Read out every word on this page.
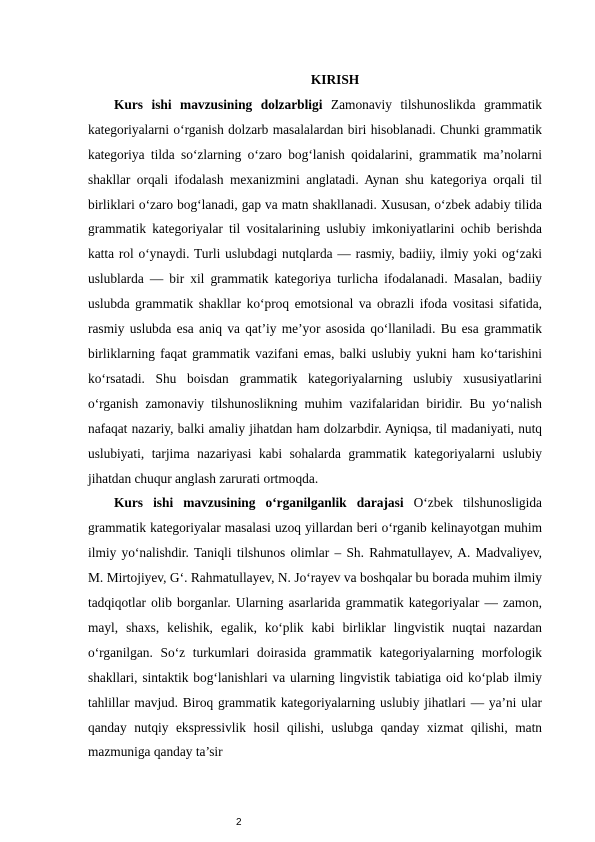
KIRISH

Kurs ishi mavzusining dolzarbligi Zamonaviy tilshunoslikda grammatik kategoriyalarni o‘rganish dolzarb masalalardan biri hisoblanadi. Chunki grammatik kategoriya tilda so‘zlarning o‘zaro bog‘lanish qoidalarini, grammatik ma’nolarni shakllar orqali ifodalash mexanizmini anglatadi. Aynan shu kategoriya orqali til birliklari o‘zaro bog‘lanadi, gap va matn shakllanadi. Xususan, o‘zbek adabiy tilida grammatik kategoriyalar til vositalarining uslubiy imkoniyatlarini ochib berishda katta rol o‘ynaydi. Turli uslubdagi nutqlarda — rasmiy, badiiy, ilmiy yoki og‘zaki uslublarda — bir xil grammatik kategoriya turlicha ifodalanadi. Masalan, badiiy uslubda grammatik shakllar ko‘proq emotsional va obrazli ifoda vositasi sifatida, rasmiy uslubda esa aniq va qat’iy me’yor asosida qo‘llaniladi. Bu esa grammatik birliklarning faqat grammatik vazifani emas, balki uslubiy yukni ham ko‘tarishini ko‘rsatadi. Shu boisdan grammatik kategoriyalarning uslubiy xususiyatlarini o‘rganish zamonaviy tilshunoslikning muhim vazifalaridan biridir. Bu yo‘nalish nafaqat nazariy, balki amaliy jihatdan ham dolzarbdir. Ayniqsa, til madaniyati, nutq uslubiyati, tarjima nazariyasi kabi sohalarda grammatik kategoriyalarni uslubiy jihatdan chuqur anglash zarurati ortmoqda.

Kurs ishi mavzusining o‘rganilganlik darajasi O‘zbek tilshunosligida grammatik kategoriyalar masalasi uzoq yillardan beri o‘rganib kelinayotgan muhim ilmiy yo‘nalishdir. Taniqli tilshunos olimlar – Sh. Rahmatullayev, A. Madvaliyev, M. Mirtojiyev, G‘. Rahmatullayev, N. Jo‘rayev va boshqalar bu borada muhim ilmiy tadqiqotlar olib borganlar. Ularning asarlarida grammatik kategoriyalar — zamon, mayl, shaxs, kelishik, egalik, ko‘plik kabi birliklar lingvistik nuqtai nazardan o‘rganilgan. So‘z turkumlari doirasida grammatik kategoriyalarning morfologik shakllari, sintaktik bog‘lanishlari va ularning lingvistik tabiatiga oid ko‘plab ilmiy tahlillar mavjud. Biroq grammatik kategoriyalarning uslubiy jihatlari — ya’ni ular qanday nutqiy ekspressivlik hosil qilishi, uslubga qanday xizmat qilishi, matn mazmuniga qanday ta’sir

2
